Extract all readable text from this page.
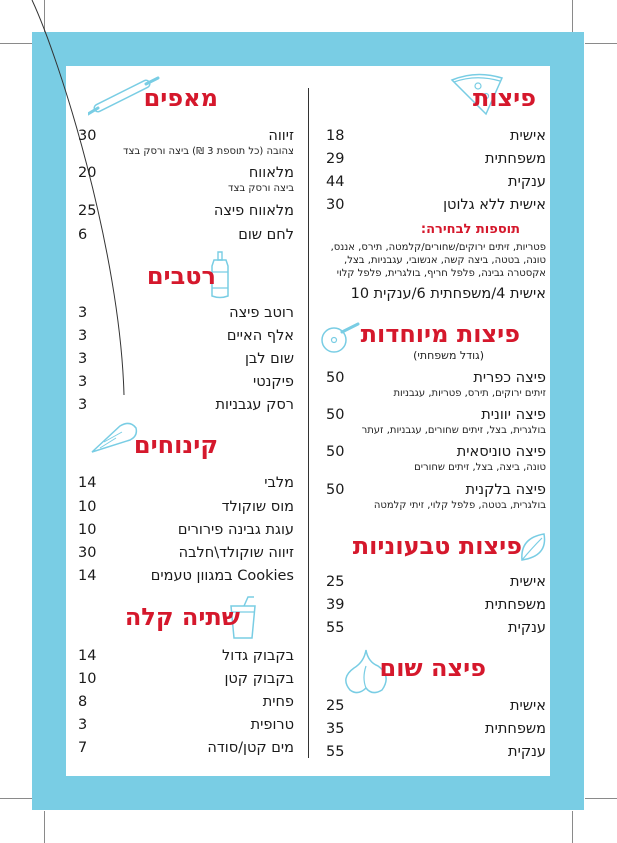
פיצות
18	אישית
29	משפחתית
44	ענקית
30	אישית ללא גלוטן
תוספות לבחירה:
פטריות, זיתים ירוקים/שחורים/קלמטה, תירס, אננס,
טונה, בטטה, ביצה קשה, אנשובי, עגבניות, בצל,
אקסטרה גבינה, פלפל חריף, בולגרית, פלפל קלוי
אישית 4/משפחתית 6/ענקית 10
פיצות מיוחדות
(גודל משפחתי)
50	פיצה כפרית
זיתים ירוקים, תירס, פטריות, עגבניות
50	פיצה יוונית
בולגרית, בצל, זיתים שחורים, עגבניות, זעתר
50	פיצה טוניסאית
טונה, ביצה, בצל, זיתים שחורים
50	פיצה בלקנית
בולגרית, בטטה, פלפל קלוי, זיתי קלמטה
פיצות טבעוניות
25	אישית
39	משפחתית
55	ענקית
פיצה שום
25	אישית
35	משפחתית
55	ענקית
מאפים
30	זיווה
צהובה (כל תוספת 3 ₪) ביצה ורסק בצד
20	מלאווח
ביצה ורסק בצד
25	מלאווח פיצה
6	לחם שום
רטבים
3	רוטב פיצה
3	אלף האיים
3	שום לבן
3	פיקנטי
3	רסק עגבניות
קינוחים
14	מלבי
10	מוס שוקולד
10	עוגת גבינה פירורים
30	זיווה שוקולד\חלבה
14	Cookies במגוון טעמים
שתיה קלה
14	בקבוק גדול
10	בקבוק קטן
8	פחית
3	טרופית
7	מים קטן/סודה
